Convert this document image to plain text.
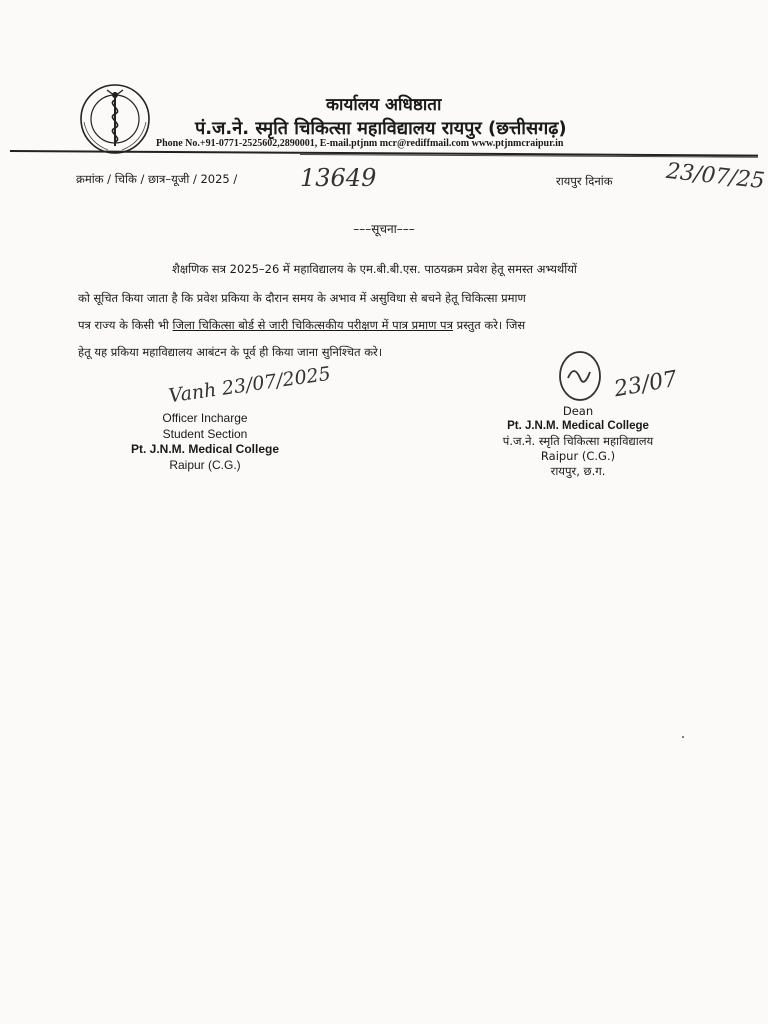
कार्यालय अधिष्ठाता
पं.ज.ने. स्मृति चिकित्सा महाविद्यालय रायपुर (छत्तीसगढ़)
Phone No.+91-0771-2525602,2890001, E-mail.ptjnm mcr@rediffmail.com www.ptjnmcraipur.in
क्रमांक / चिकि / छात्र–यूजी / 2025 /	13649	रायपुर दिनांक 23/07/25
–––सूचना–––
शैक्षणिक सत्र 2025–26 में महाविद्यालय के एम.बी.बी.एस. पाठयक्रम प्रवेश हेतू समस्त अभ्यर्थीयों
को सूचित किया जाता है कि प्रवेश प्रकिया के दौरान समय के अभाव में असुविधा से बचने हेतू चिकित्सा प्रमाण
पत्र राज्य के किसी भी जिला चिकित्सा बोर्ड से जारी चिकित्सकीय परीक्षण में पात्र प्रमाण पत्र प्रस्तुत करे। जिस
हेतू यह प्रकिया महाविद्यालय आबंटन के पूर्व ही किया जाना सुनिश्चित करे।
Vanh 23/07/2025
Officer Incharge
Student Section
Pt. J.N.M. Medical College
Raipur (C.G.)
23/07
Dean
Pt. J.N.M. Medical College
पं.ज.ने. स्मृति चिकित्सा महाविद्यालय
Raipur (C.G.)
रायपुर, छ.ग.
